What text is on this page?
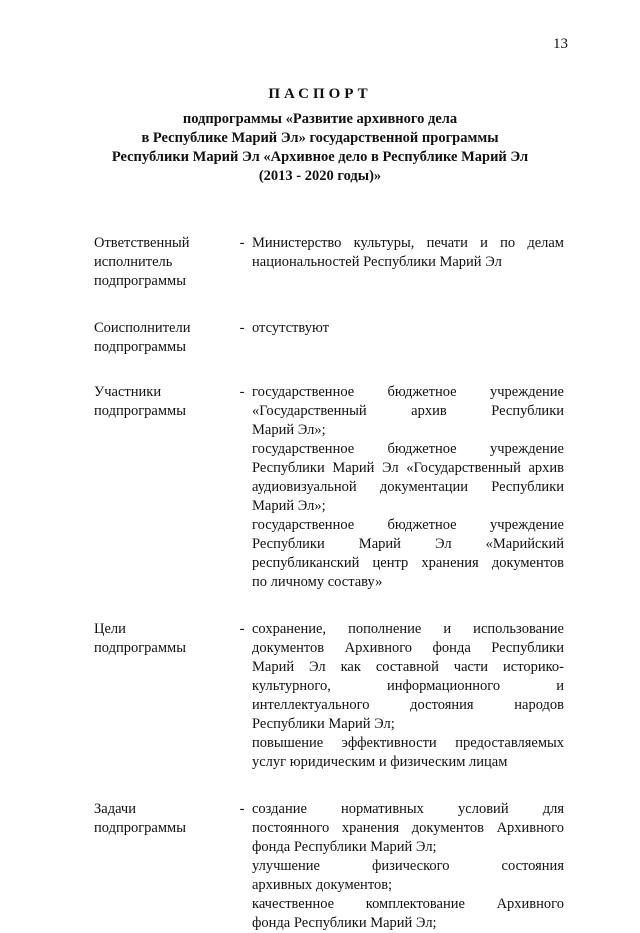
13
ПАСПОРТ
подпрограммы «Развитие архивного дела
в Республике Марий Эл» государственной программы
Республики Марий Эл «Архивное дело в Республике Марий Эл
(2013 - 2020 годы)»
Ответственный
исполнитель
подпрограммы
- Министерство культуры, печати и по делам
национальностей Республики Марий Эл
Соисполнители
подпрограммы
- отсутствуют
Участники
подпрограммы
- государственное бюджетное учреждение
«Государственный архив Республики
Марий Эл»;
государственное бюджетное учреждение
Республики Марий Эл «Государственный архив
аудиовизуальной документации Республики
Марий Эл»;
государственное бюджетное учреждение
Республики Марий Эл «Марийский
республиканский центр хранения документов
по личному составу»
Цели
подпрограммы
- сохранение, пополнение и использование
документов Архивного фонда Республики
Марий Эл как составной части историко-
культурного, информационного и
интеллектуального достояния народов
Республики Марий Эл;
повышение эффективности предоставляемых
услуг юридическим и физическим лицам
Задачи
подпрограммы
- создание нормативных условий для
постоянного хранения документов Архивного
фонда Республики Марий Эл;
улучшение физического состояния
архивных документов;
качественное комплектование Архивного
фонда Республики Марий Эл;
